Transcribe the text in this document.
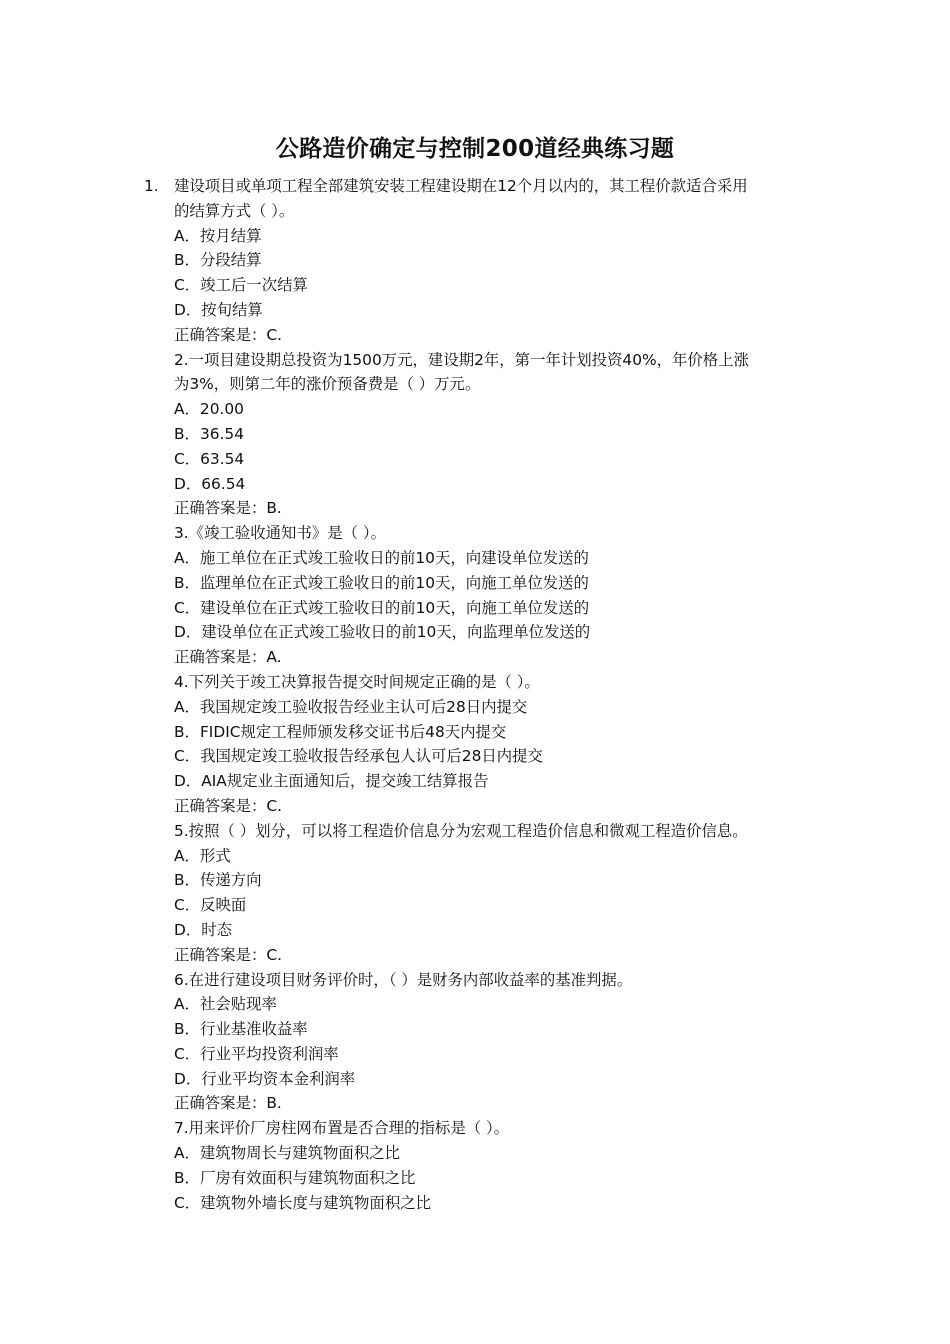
公路造价确定与控制200道经典练习题
1. 建设项目或单项工程全部建筑安装工程建设期在12个月以内的，其工程价款适合采用
的结算方式（ ）。
A．按月结算
B．分段结算
C．竣工后一次结算
D．按旬结算
正确答案是：C.
2.一项目建设期总投资为1500万元，建设期2年，第一年计划投资40%，年价格上涨
为3%，则第二年的涨价预备费是（ ）万元。
A．20.00
B．36.54
C．63.54
D．66.54
正确答案是：B.
3.《竣工验收通知书》是（ ）。
A．施工单位在正式竣工验收日的前10天，向建设单位发送的
B．监理单位在正式竣工验收日的前10天，向施工单位发送的
C．建设单位在正式竣工验收日的前10天，向施工单位发送的
D．建设单位在正式竣工验收日的前10天，向监理单位发送的
正确答案是：A.
4.下列关于竣工决算报告提交时间规定正确的是（ ）。
A．我国规定竣工验收报告经业主认可后28日内提交
B．FIDIC规定工程师颁发移交证书后48天内提交
C．我国规定竣工验收报告经承包人认可后28日内提交
D．AIA规定业主面通知后，提交竣工结算报告
正确答案是：C.
5.按照（ ）划分，可以将工程造价信息分为宏观工程造价信息和微观工程造价信息。
A．形式
B．传递方向
C．反映面
D．时态
正确答案是：C.
6.在进行建设项目财务评价时，（ ）是财务内部收益率的基准判据。
A．社会贴现率
B．行业基准收益率
C．行业平均投资利润率
D．行业平均资本金利润率
正确答案是：B.
7.用来评价厂房柱网布置是否合理的指标是（ ）。
A．建筑物周长与建筑物面积之比
B．厂房有效面积与建筑物面积之比
C．建筑物外墙长度与建筑物面积之比
